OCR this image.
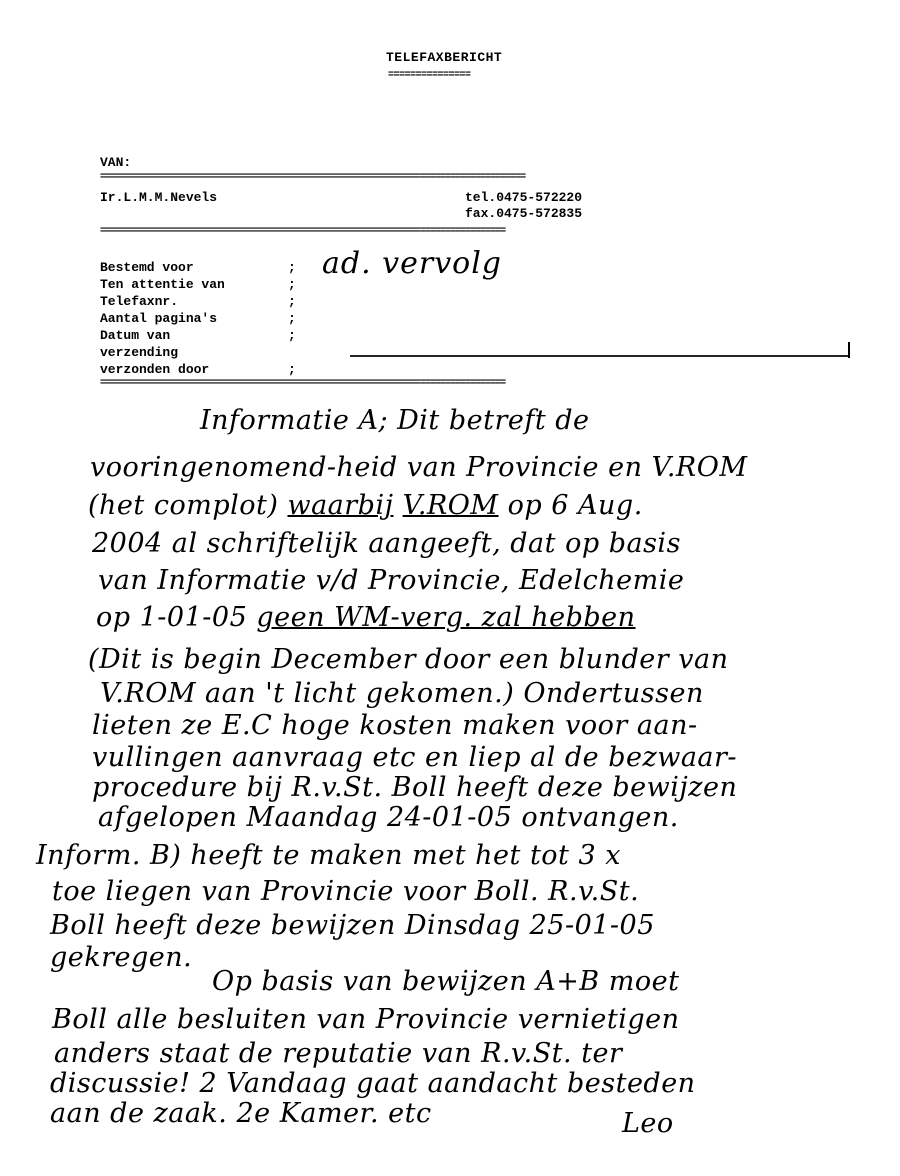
TELEFAXBERICHT
===============
VAN:
=====================================================================================
Ir.L.M.M.Nevels	tel.0475-572220
fax.0475-572835
=================================================================================
Bestemd voor	;
Ten attentie van	;
Telefaxnr.	;
Aantal pagina's	;
Datum van	;
verzending
verzonden door	;
ad. vervolg
=================================================================================
Informatie A; Dit betreft de
vooringenomend-heid van Provincie en V.ROM
(het complot) waarbij V.ROM op 6 Aug.
2004 al schriftelijk aangeeft, dat op basis
van Informatie v/d Provincie, Edelchemie
op 1-01-05 geen WM-verg. zal hebben
(Dit is begin December door een blunder van
V.ROM aan 't licht gekomen.) Ondertussen
lieten ze E.C hoge kosten maken voor aan-
vullingen aanvraag etc en liep al de bezwaar-
procedure bij R.v.St. Boll heeft deze bewijzen
afgelopen Maandag 24-01-05 ontvangen.
Inform. B) heeft te maken met het tot 3 x
toe liegen van Provincie voor Boll. R.v.St.
Boll heeft deze bewijzen Dinsdag 25-01-05
gekregen.
Op basis van bewijzen A+B moet
Boll alle besluiten van Provincie vernietigen
anders staat de reputatie van R.v.St. ter
discussie! 2 Vandaag gaat aandacht besteden
aan de zaak. 2e Kamer. etc	Leo
